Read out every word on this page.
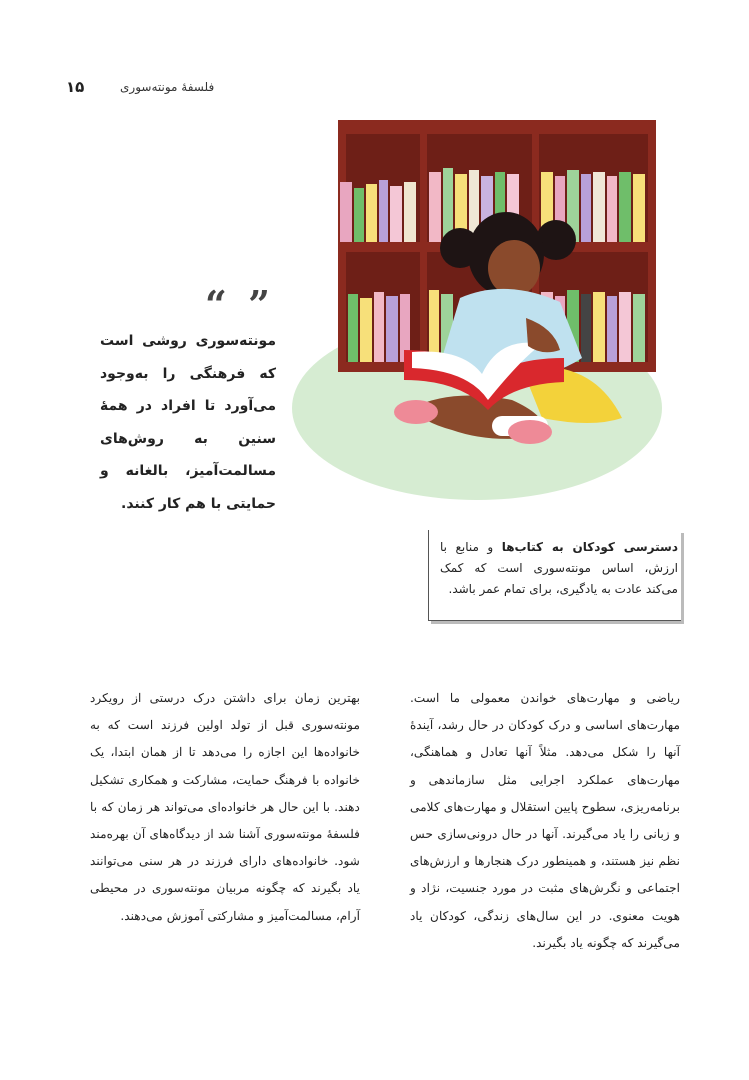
۱۵	فلسفهٔ مونته‌سوری
“ ”
مونته‌سوری روشی است که فرهنگی را به‌وجود می‌آورد تا افراد در همهٔ سنین به روش‌های مسالمت‌آمیز، بالغانه و حمایتی با هم کار کنند.
دسترسی کودکان به کتاب‌ها و منابع با ارزش، اساس مونته‌سوری است که کمک می‌کند عادت به یادگیری، برای تمام عمر باشد.
ریاضی و مهارت‌های خواندن معمولی ما است. مهارت‌های اساسی و درک کودکان در حال رشد، آیندهٔ آنها را شکل می‌دهد. مثلاً آنها تعادل و هماهنگی، مهارت‌های عملکرد اجرایی مثل سازماندهی و برنامه‌ریزی، سطوح پایین استقلال و مهارت‌های کلامی و زبانی را یاد می‌گیرند. آنها در حال درونی‌سازی حس نظم نیز هستند، و همینطور درک هنجارها و ارزش‌های اجتماعی و نگرش‌های مثبت در مورد جنسیت، نژاد و هویت معنوی. در این سال‌های زندگی، کودکان یاد می‌گیرند که چگونه یاد بگیرند.
بهترین زمان برای داشتن درک درستی از رویکرد مونته‌سوری قبل از تولد اولین فرزند است که به خانواده‌ها این اجازه را می‌دهد تا از همان ابتدا، یک خانواده با فرهنگ حمایت، مشارکت و همکاری تشکیل دهند. با این حال هر خانواده‌ای می‌تواند هر زمان که با فلسفهٔ مونته‌سوری آشنا شد از دیدگاه‌های آن بهره‌مند شود. خانواده‌های دارای فرزند در هر سنی می‌توانند یاد بگیرند که چگونه مربیان مونته‌سوری در محیطی آرام، مسالمت‌آمیز و مشارکتی آموزش می‌دهند.
